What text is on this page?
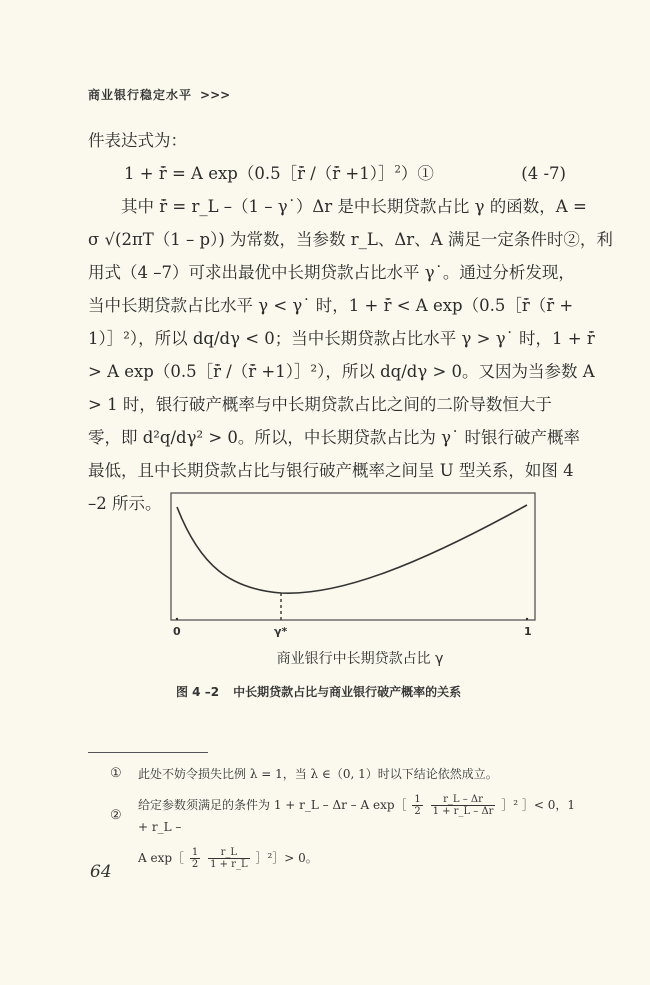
商业银行稳定水平 >>>
件表达式为：
1 + r̄̇ = A exp（0.5［r̄̇ /（r̄̇ +1）］$^2$）①	(4 -7)
其中 r̄̇ = r_L –（1 – γ˙）Δr 是中长期贷款占比 γ 的函数，A =
σ √(2πT（1 – p）) 为常数，当参数 r_L、Δr、A 满足一定条件时②，利
用式（4 –7）可求出最优中长期贷款占比水平 γ˙。通过分析发现，
当中长期贷款占比水平 γ < γ˙ 时，1 + r̄̇ < A exp（0.5［r̄̇（r̄̇ +
1）］²），所以 dq/dγ < 0；当中长期贷款占比水平 γ > γ˙ 时，1 + r̄̇
> A exp（0.5［r̄̇ /（r̄̇ +1）］²），所以 dq/dγ > 0。又因为当参数 A
> 1 时，银行破产概率与中长期贷款占比之间的二阶导数恒大于
零，即 d²q/dγ² > 0。所以，中长期贷款占比为 γ˙ 时银行破产概率
最低，且中长期贷款占比与银行破产概率之间呈 U 型关系，如图 4
–2 所示。
0	γ*	1
商业银行中长期贷款占比 γ
图 4 –2 中长期贷款占比与商业银行破产概率的关系
① 此处不妨令损失比例 λ = 1，当 λ ∈（0, 1）时以下结论依然成立。
②
给定参数须满足的条件为 1 + r_L – Δr – A exp［ $\frac{1}{2}$
$\frac{r\_L - \Delta r}{1 + r\_L - \Delta r}$ ］² ］< 0，1 + r_L –
A exp［ $\frac{1}{2}$
$\frac{r\_L}{1 + r\_L}$ ］²］> 0。
64
